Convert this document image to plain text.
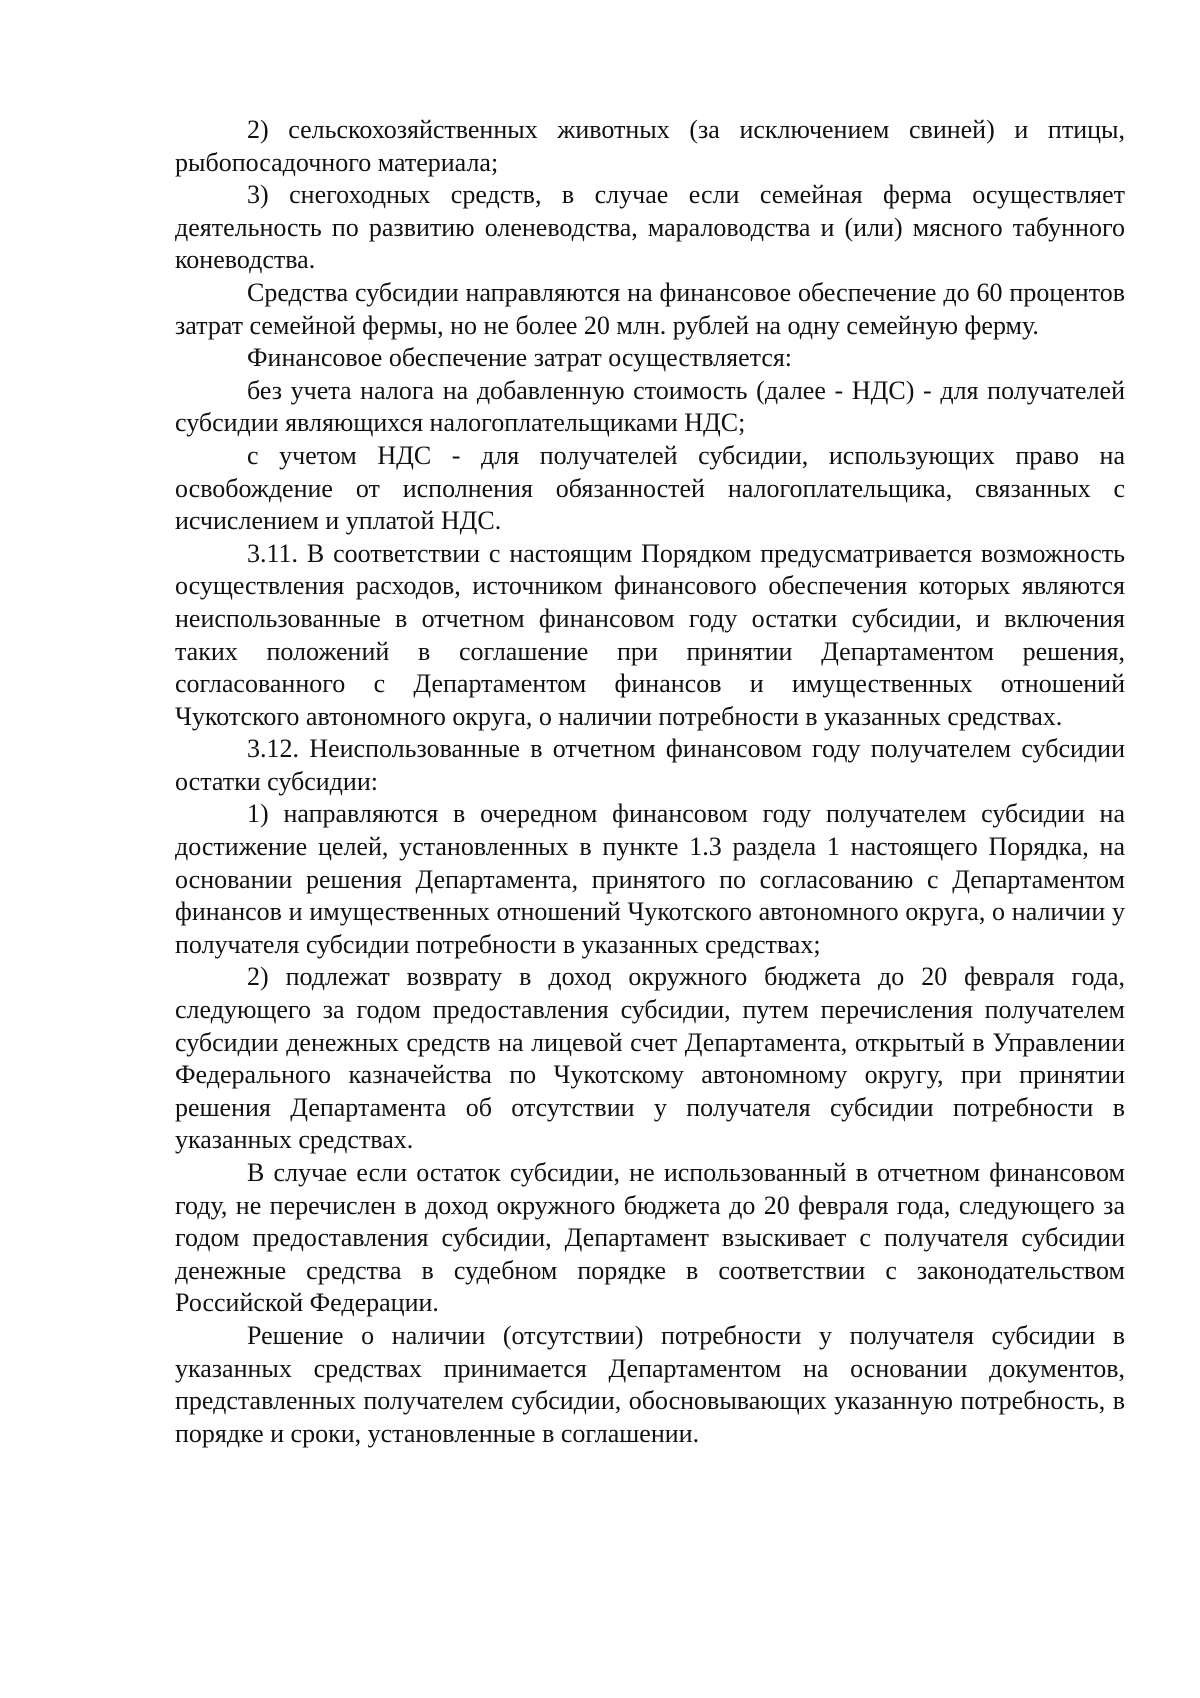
2) сельскохозяйственных животных (за исключением свиней) и птицы, рыбопосадочного материала;

3) снегоходных средств, в случае если семейная ферма осуществляет деятельность по развитию оленеводства, мараловодства и (или) мясного табунного коневодства.

Средства субсидии направляются на финансовое обеспечение до 60 процентов затрат семейной фермы, но не более 20 млн. рублей на одну семейную ферму.

Финансовое обеспечение затрат осуществляется:

без учета налога на добавленную стоимость (далее - НДС) - для получателей субсидии являющихся налогоплательщиками НДС;

с учетом НДС - для получателей субсидии, использующих право на освобождение от исполнения обязанностей налогоплательщика, связанных с исчислением и уплатой НДС.

3.11. В соответствии с настоящим Порядком предусматривается возможность осуществления расходов, источником финансового обеспечения которых являются неиспользованные в отчетном финансовом году остатки субсидии, и включения таких положений в соглашение при принятии Департаментом решения, согласованного с Департаментом финансов и имущественных отношений Чукотского автономного округа, о наличии потребности в указанных средствах.

3.12. Неиспользованные в отчетном финансовом году получателем субсидии остатки субсидии:

1) направляются в очередном финансовом году получателем субсидии на достижение целей, установленных в пункте 1.3 раздела 1 настоящего Порядка, на основании решения Департамента, принятого по согласованию с Департаментом финансов и имущественных отношений Чукотского автономного округа, о наличии у получателя субсидии потребности в указанных средствах;

2) подлежат возврату в доход окружного бюджета до 20 февраля года, следующего за годом предоставления субсидии, путем перечисления получателем субсидии денежных средств на лицевой счет Департамента, открытый в Управлении Федерального казначейства по Чукотскому автономному округу, при принятии решения Департамента об отсутствии у получателя субсидии потребности в указанных средствах.

В случае если остаток субсидии, не использованный в отчетном финансовом году, не перечислен в доход окружного бюджета до 20 февраля года, следующего за годом предоставления субсидии, Департамент взыскивает с получателя субсидии денежные средства в судебном порядке в соответствии с законодательством Российской Федерации.

Решение о наличии (отсутствии) потребности у получателя субсидии в указанных средствах принимается Департаментом на основании документов, представленных получателем субсидии, обосновывающих указанную потребность, в порядке и сроки, установленные в соглашении.
